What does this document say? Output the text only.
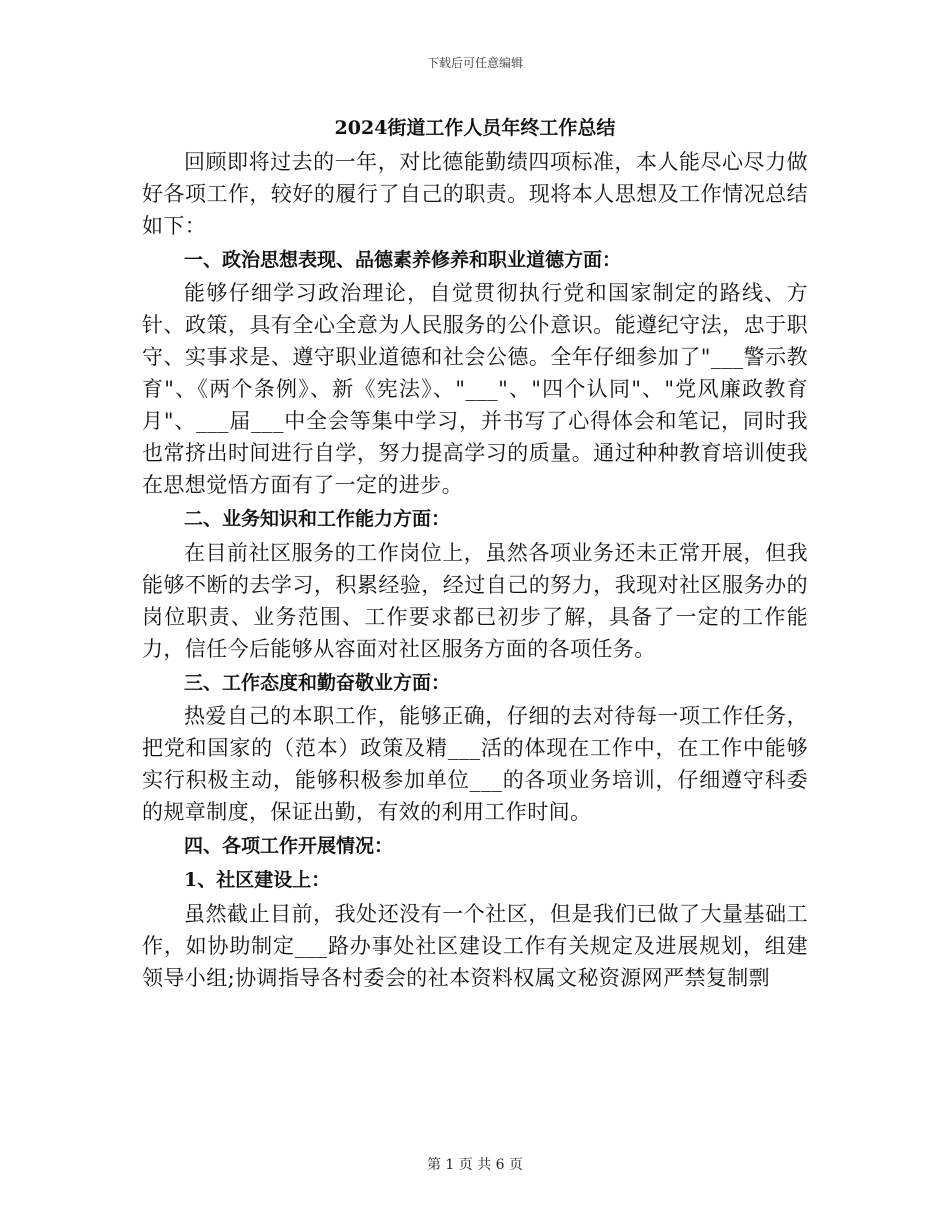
下载后可任意编辑
2024街道工作人员年终工作总结

回顾即将过去的一年，对比德能勤绩四项标准，本人能尽心尽力做好各项工作，较好的履行了自己的职责。现将本人思想及工作情况总结如下：

一、政治思想表现、品德素养修养和职业道德方面：

能够仔细学习政治理论，自觉贯彻执行党和国家制定的路线、方针、政策，具有全心全意为人民服务的公仆意识。能遵纪守法，忠于职守、实事求是、遵守职业道德和社会公德。全年仔细参加了"___警示教育"、《两个条例》、新《宪法》、"___"、"四个认同"、"党风廉政教育月"、___届___中全会等集中学习，并书写了心得体会和笔记，同时我也常挤出时间进行自学，努力提高学习的质量。通过种种教育培训使我在思想觉悟方面有了一定的进步。

二、业务知识和工作能力方面：

在目前社区服务的工作岗位上，虽然各项业务还未正常开展，但我能够不断的去学习，积累经验，经过自己的努力，我现对社区服务办的岗位职责、业务范围、工作要求都已初步了解，具备了一定的工作能力，信任今后能够从容面对社区服务方面的各项任务。

三、工作态度和勤奋敬业方面：

热爱自己的本职工作，能够正确，仔细的去对待每一项工作任务，把党和国家的（范本）政策及精___活的体现在工作中，在工作中能够实行积极主动，能够积极参加单位___的各项业务培训，仔细遵守科委的规章制度，保证出勤，有效的利用工作时间。

四、各项工作开展情况：
1、社区建设上：

虽然截止目前，我处还没有一个社区，但是我们已做了大量基础工作，如协助制定___路办事处社区建设工作有关规定及进展规划，组建领导小组;协调指导各村委会的社本资料权属文秘资源网严禁复制剽

第 1 页 共 6 页
